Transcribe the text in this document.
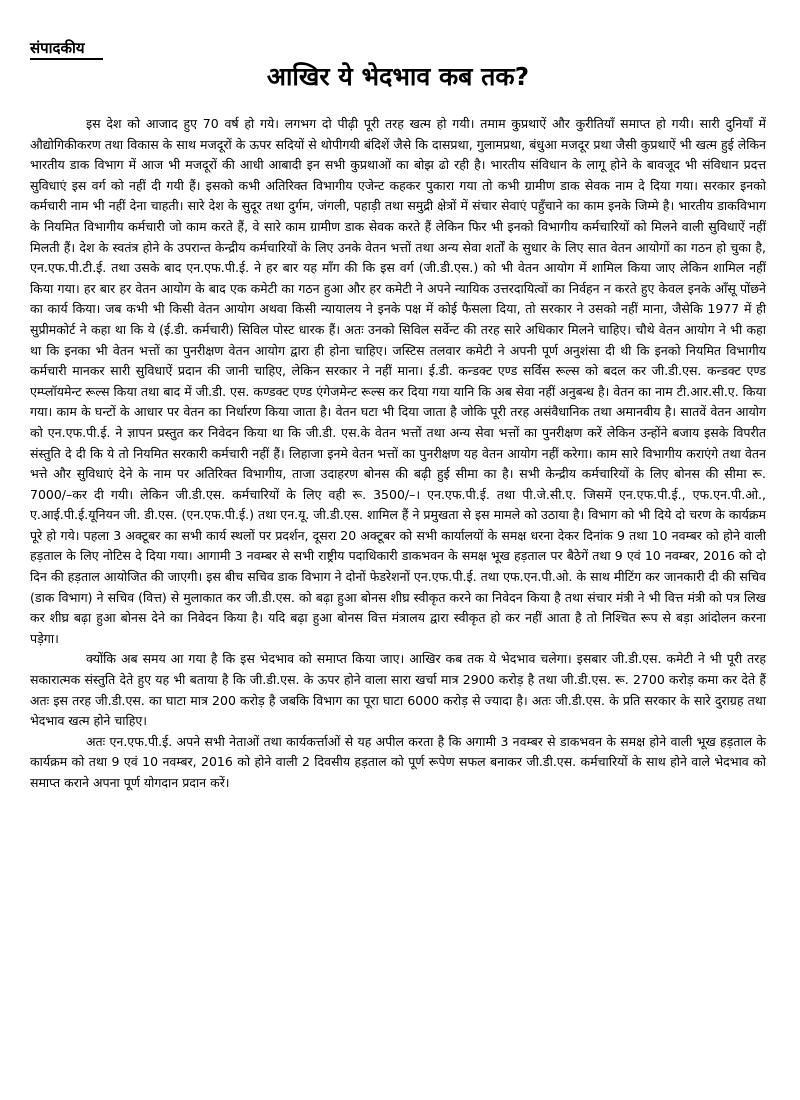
संपादकीय
आखिर ये भेदभाव कब तक?

इस देश को आजाद हुए 70 वर्ष हो गये। लगभग दो पीढ़ी पूरी तरह खत्म हो गयी। तमाम कुप्रथाऐं और कुरीतियाँ समाप्त हो गयी। सारी दुनियाँ में औद्योगिकीकरण तथा विकास के साथ मजदूरों के ऊपर सदियों से थोपीगयी बंदिशें जैसे कि दासप्रथा, गुलामप्रथा, बंधुआ मजदूर प्रथा जैसी कुप्रथाऐं भी खत्म हुई लेकिन भारतीय डाक विभाग में आज भी मजदूरों की आधी आबादी इन सभी कुप्रथाओं का बोझ ढो रही है। भारतीय संविधान के लागू होने के बावजूद भी संविधान प्रदत्त सुविधाएं इस वर्ग को नहीं दी गयी हैं। इसको कभी अतिरिक्त विभागीय एजेन्ट कहकर पुकारा गया तो कभी ग्रामीण डाक सेवक नाम दे दिया गया। सरकार इनको कर्मचारी नाम भी नहीं देना चाहती। सारे देश के सुदूर तथा दुर्गम, जंगली, पहाड़ी तथा समुद्री क्षेत्रों में संचार सेवाएं पहुँचाने का काम इनके जिम्मे है। भारतीय डाकविभाग के नियमित विभागीय कर्मचारी जो काम करते हैं, वे सारे काम ग्रामीण डाक सेवक करते हैं लेकिन फिर भी इनको विभागीय कर्मचारियों को मिलने वाली सुविधाऐं नहीं मिलती हैं। देश के स्वतंत्र होने के उपरान्त केन्द्रीय कर्मचारियों के लिए उनके वेतन भत्तों तथा अन्य सेवा शर्तों के सुधार के लिए सात वेतन आयोगों का गठन हो चुका है, एन.एफ.पी.टी.ई. तथा उसके बाद एन.एफ.पी.ई. ने हर बार यह माँग की कि इस वर्ग (जी.डी.एस.) को भी वेतन आयोग में शामिल किया जाए लेकिन शामिल नहीं किया गया। हर बार हर वेतन आयोग के बाद एक कमेटी का गठन हुआ और हर कमेटी ने अपने न्यायिक उत्तरदायित्वों का निर्वहन न करते हुए केवल इनके आँसू पोंछने का कार्य किया। जब कभी भी किसी वेतन आयोग अथवा किसी न्यायालय ने इनके पक्ष में कोई फैसला दिया, तो सरकार ने उसको नहीं माना, जैसेकि 1977 में ही सुप्रीमकोर्ट ने कहा था कि ये (ई.डी. कर्मचारी) सिविल पोस्ट धारक हैं। अतः उनको सिविल सर्वेन्ट की तरह सारे अधिकार मिलने चाहिए। चौथे वेतन आयोग ने भी कहा था कि इनका भी वेतन भत्तों का पुनरीक्षण वेतन आयोग द्वारा ही होना चाहिए। जस्टिस तलवार कमेटी ने अपनी पूर्ण अनुशंसा दी थी कि इनको नियमित विभागीय कर्मचारी मानकर सारी सुविधाऐं प्रदान की जानी चाहिए, लेकिन सरकार ने नहीं माना। ई.डी. कन्डक्ट एण्ड सर्विस रूल्स को बदल कर जी.डी.एस. कन्डक्ट एण्ड एम्प्लॉयमेन्ट रूल्स किया तथा बाद में जी.डी. एस. कण्डक्ट एण्ड एंगेजमेन्ट रूल्स कर दिया गया यानि कि अब सेवा नहीं अनुबन्ध है। वेतन का नाम टी.आर.सी.ए. किया गया। काम के घन्टों के आधार पर वेतन का निर्धारण किया जाता है। वेतन घटा भी दिया जाता है जोकि पूरी तरह असंवैधानिक तथा अमानवीय है। सातवें वेतन आयोग को एन.एफ.पी.ई. ने ज्ञापन प्रस्तुत कर निवेदन किया था कि जी.डी. एस.के वेतन भत्तों तथा अन्य सेवा भत्तों का पुनरीक्षण करें लेकिन उन्होंने बजाय इसके विपरीत संस्तुति दे दी कि ये तो नियमित सरकारी कर्मचारी नहीं हैं। लिहाजा इनमे वेतन भत्तों का पुनरीक्षण यह वेतन आयोग नहीं करेगा। काम सारे विभागीय कराएंगे तथा वेतन भत्ते और सुविधाएं देने के नाम पर अतिरिक्त विभागीय, ताजा उदाहरण बोनस की बढ़ी हुई सीमा का है। सभी केन्द्रीय कर्मचारियों के लिए बोनस की सीमा रू. 7000/–कर दी गयी। लेकिन जी.डी.एस. कर्मचारियों के लिए वही रू. 3500/–। एन.एफ.पी.ई. तथा पी.जे.सी.ए. जिसमें एन.एफ.पी.ई., एफ.एन.पी.ओ., ए.आई.पी.ई.यूनियन जी. डी.एस. (एन.एफ.पी.ई.) तथा एन.यू. जी.डी.एस. शामिल हैं ने प्रमुखता से इस मामले को उठाया है। विभाग को भी दिये दो चरण के कार्यक्रम पूरे हो गये। पहला 3 अक्टूबर का सभी कार्य स्थलों पर प्रदर्शन, दूसरा 20 अक्टूबर को सभी कार्यालयों के समक्ष धरना देकर दिनांक 9 तथा 10 नवम्बर को होने वाली हड़ताल के लिए नोटिस दे दिया गया। आगामी 3 नवम्बर से सभी राष्ट्रीय पदाधिकारी डाकभवन के समक्ष भूख हड़ताल पर बैठेगें तथा 9 एवं 10 नवम्बर, 2016 को दो दिन की हड़ताल आयोजित की जाएगी। इस बीच सचिव डाक विभाग ने दोनों फेडरेशनों एन.एफ.पी.ई. तथा एफ.एन.पी.ओ. के साथ मीटिंग कर जानकारी दी की सचिव (डाक विभाग) ने सचिव (वित्त) से मुलाकात कर जी.डी.एस. को बढ़ा हुआ बोनस शीघ्र स्वीकृत करने का निवेदन किया है तथा संचार मंत्री ने भी वित्त मंत्री को पत्र लिख कर शीघ्र बढ़ा हुआ बोनस देने का निवेदन किया है। यदि बढ़ा हुआ बोनस वित्त मंत्रालय द्वारा स्वीकृत हो कर नहीं आता है तो निश्चित रूप से बड़ा आंदोलन करना पड़ेगा।

क्योंकि अब समय आ गया है कि इस भेदभाव को समाप्त किया जाए। आखिर कब तक ये भेदभाव चलेगा। इसबार जी.डी.एस. कमेटी ने भी पूरी तरह सकारात्मक संस्तुति देते हुए यह भी बताया है कि जी.डी.एस. के ऊपर होने वाला सारा खर्चा मात्र 2900 करोड़ है तथा जी.डी.एस. रू. 2700 करोड़ कमा कर देते हैं अतः इस तरह जी.डी.एस. का घाटा मात्र 200 करोड़ है जबकि विभाग का पूरा घाटा 6000 करोड़ से ज्यादा है। अतः जी.डी.एस. के प्रति सरकार के सारे दुराग्रह तथा भेदभाव खत्म होने चाहिए।

अतः एन.एफ.पी.ई. अपने सभी नेताओं तथा कार्यकर्त्ताओं से यह अपील करता है कि अगामी 3 नवम्बर से डाकभवन के समक्ष होने वाली भूख हड़ताल के कार्यक्रम को तथा 9 एवं 10 नवम्बर, 2016 को होने वाली 2 दिवसीय हड़ताल को पूर्ण रूपेण सफल बनाकर जी.डी.एस. कर्मचारियों के साथ होने वाले भेदभाव को समाप्त कराने अपना पूर्ण योगदान प्रदान करें।
